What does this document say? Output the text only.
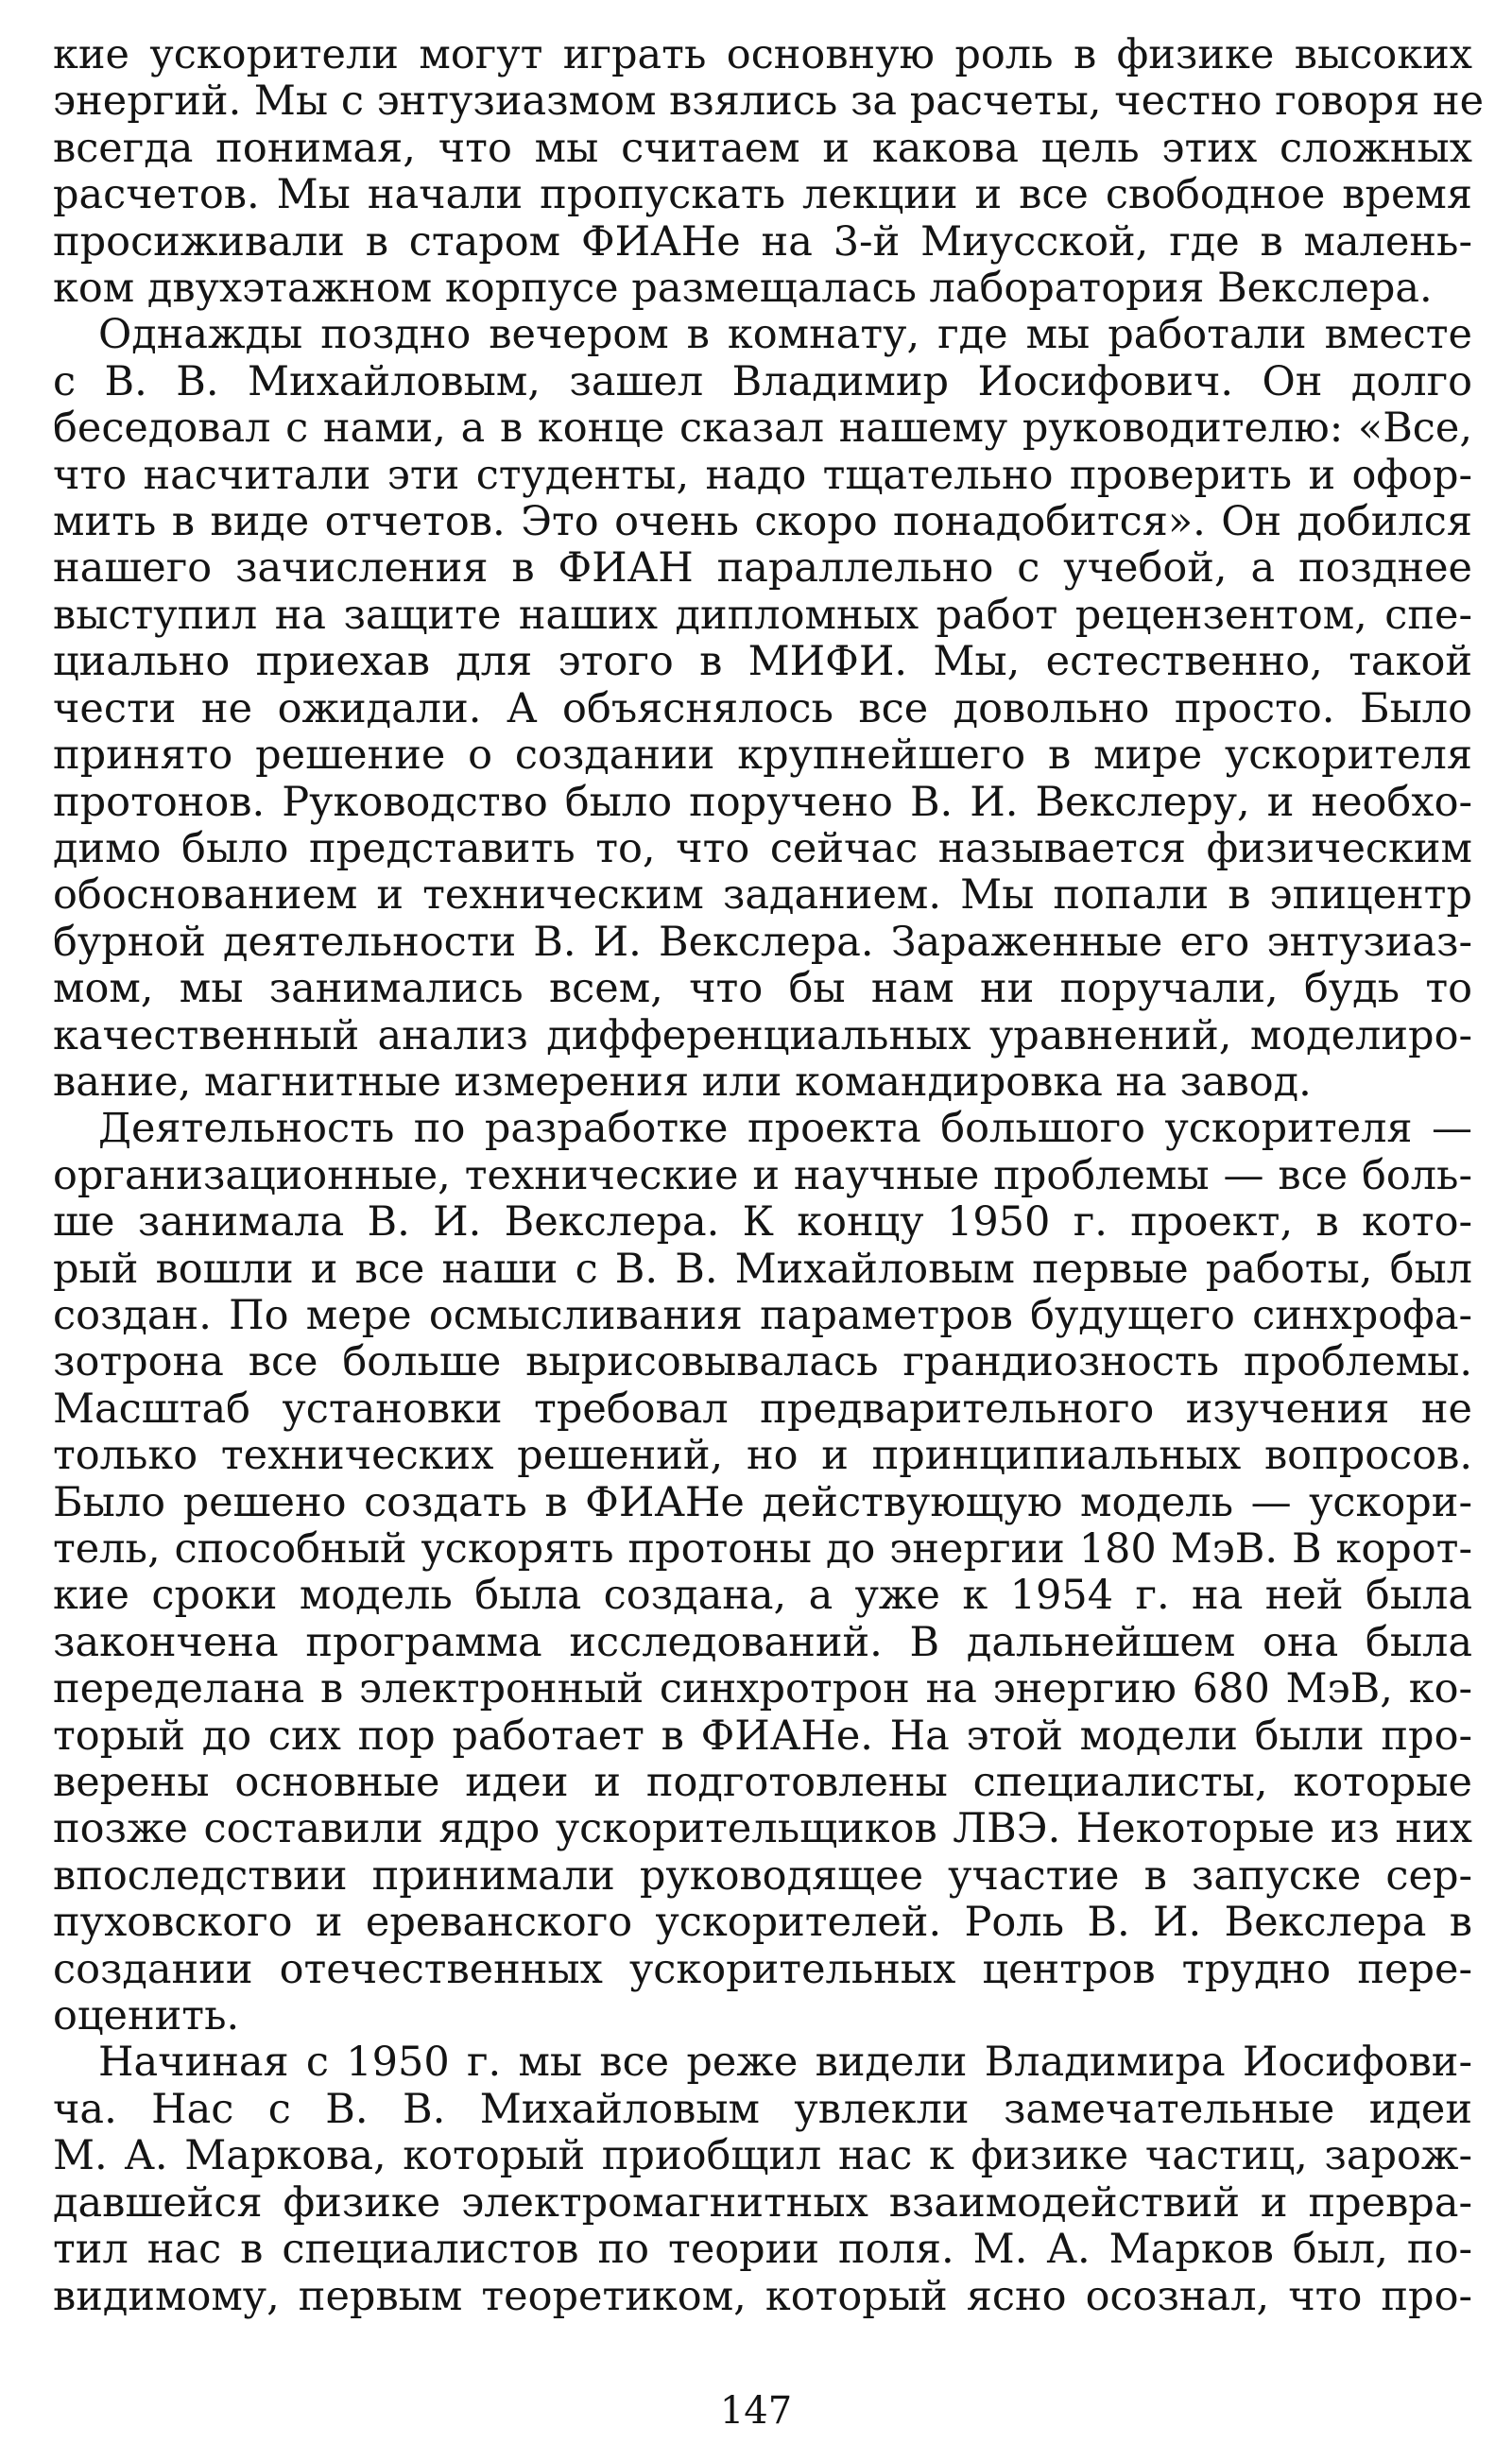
кие ускорители могут играть основную роль в физике высоких
энергий. Мы с энтузиазмом взялись за расчеты, честно говоря не
всегда понимая, что мы считаем и какова цель этих сложных
расчетов. Мы начали пропускать лекции и все свободное время
просиживали в старом ФИАНе на 3-й Миусской, где в малень-
ком двухэтажном корпусе размещалась лаборатория Векслера.
Однажды поздно вечером в комнату, где мы работали вместе
с В. В. Михайловым, зашел Владимир Иосифович. Он долго
беседовал с нами, а в конце сказал нашему руководителю: «Все,
что насчитали эти студенты, надо тщательно проверить и офор-
мить в виде отчетов. Это очень скоро понадобится». Он добился
нашего зачисления в ФИАН параллельно с учебой, а позднее
выступил на защите наших дипломных работ рецензентом, спе-
циально приехав для этого в МИФИ. Мы, естественно, такой
чести не ожидали. А объяснялось все довольно просто. Было
принято решение о создании крупнейшего в мире ускорителя
протонов. Руководство было поручено В. И. Векслеру, и необхо-
димо было представить то, что сейчас называется физическим
обоснованием и техническим заданием. Мы попали в эпицентр
бурной деятельности В. И. Векслера. Зараженные его энтузиаз-
мом, мы занимались всем, что бы нам ни поручали, будь то
качественный анализ дифференциальных уравнений, моделиро-
вание, магнитные измерения или командировка на завод.
Деятельность по разработке проекта большого ускорителя —
организационные, технические и научные проблемы — все боль-
ше занимала В. И. Векслера. К концу 1950 г. проект, в кото-
рый вошли и все наши с В. В. Михайловым первые работы, был
создан. По мере осмысливания параметров будущего синхрофа-
зотрона все больше вырисовывалась грандиозность проблемы.
Масштаб установки требовал предварительного изучения не
только технических решений, но и принципиальных вопросов.
Было решено создать в ФИАНе действующую модель — ускори-
тель, способный ускорять протоны до энергии 180 МэВ. В корот-
кие сроки модель была создана, а уже к 1954 г. на ней была
закончена программа исследований. В дальнейшем она была
переделана в электронный синхротрон на энергию 680 МэВ, ко-
торый до сих пор работает в ФИАНе. На этой модели были про-
верены основные идеи и подготовлены специалисты, которые
позже составили ядро ускорительщиков ЛВЭ. Некоторые из них
впоследствии принимали руководящее участие в запуске сер-
пуховского и ереванского ускорителей. Роль В. И. Векслера в
создании отечественных ускорительных центров трудно пере-
оценить.
Начиная с 1950 г. мы все реже видели Владимира Иосифови-
ча. Нас с В. В. Михайловым увлекли замечательные идеи
М. А. Маркова, который приобщил нас к физике частиц, зарож-
давшейся физике электромагнитных взаимодействий и превра-
тил нас в специалистов по теории поля. М. А. Марков был, по-
видимому, первым теоретиком, который ясно осознал, что про-
147
